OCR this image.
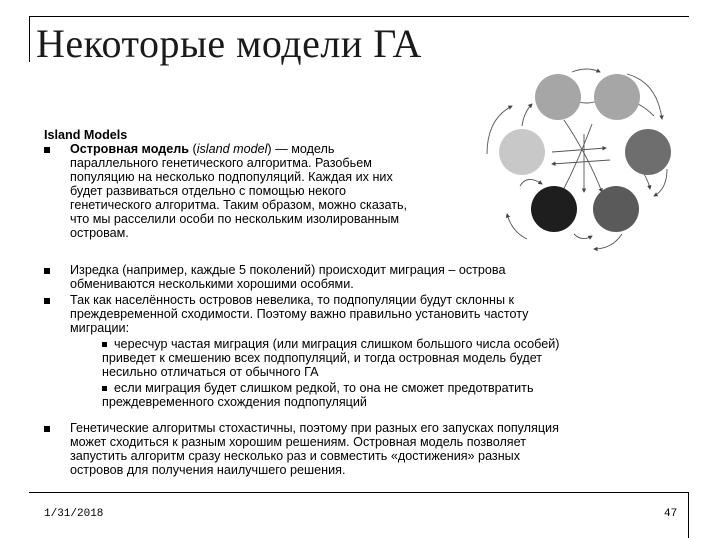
Некоторые модели ГА
Island Models
Островная модель (island model) — модель
параллельного генетического алгоритма. Разобьем
популяцию на несколько подпопуляций. Каждая их них
будет развиваться отдельно с помощью некого
генетического алгоритма. Таким образом, можно сказать,
что мы расселили особи по нескольким изолированным
островам.
Изредка (например, каждые 5 поколений) происходит миграция – острова
обмениваются несколькими хорошими особями.
Так как населённость островов невелика, то подпопуляции будут склонны к
преждевременной сходимости. Поэтому важно правильно установить частоту
миграции:
чересчур частая миграция (или миграция слишком большого числа особей)
приведет к смешению всех подпопуляций, и тогда островная модель будет
несильно отличаться от обычного ГА
если миграция будет слишком редкой, то она не сможет предотвратить
преждевременного схождения подпопуляций
Генетические алгоритмы стохастичны, поэтому при разных его запусках популяция
может сходиться к разным хорошим решениям. Островная модель позволяет
запустить алгоритм сразу несколько раз и совместить «достижения» разных
островов для получения наилучшего решения.
1/31/2018	47
